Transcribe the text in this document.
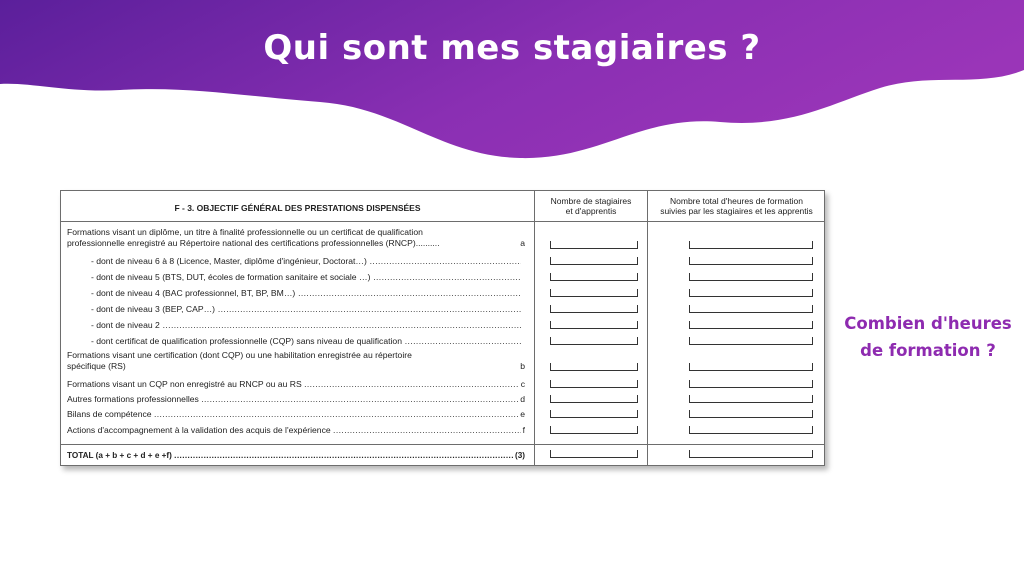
Qui sont mes stagiaires ?
Combien d'heures
de formation ?
F - 3. OBJECTIF GÉNÉRAL DES PRESTATIONS DISPENSÉES
Nombre de stagiaires
et d'apprentis
Nombre total d'heures de formation
suivies par les stagiaires et les apprentis
Formations visant un diplôme, un titre à finalité professionnelle ou un certificat de qualification
professionnelle enregistré au Répertoire national des certifications professionnelles (RNCP)..........	a
- dont de niveau 6 à 8 (Licence, Master, diplôme d'ingénieur, Doctorat…) .....
- dont de niveau 5 (BTS, DUT, écoles de formation sanitaire et sociale …) .....
- dont de niveau 4 (BAC professionnel, BT, BP, BM…) .....
- dont de niveau 3 (BEP, CAP…) .....
- dont de niveau 2 .....
- dont certificat de qualification professionnelle (CQP) sans niveau de qualification .....
Formations visant une certification (dont CQP) ou une habilitation enregistrée au répertoire
spécifique (RS)	b
Formations visant un CQP non enregistré au RNCP ou au RS	c
.....
Autres formations professionnelles	d
.....
Bilans de compétence	e
.....
Actions d'accompagnement à la validation des acquis de l'expérience	f
.....
TOTAL (a + b + c + d + e +f)	(3)
.....
